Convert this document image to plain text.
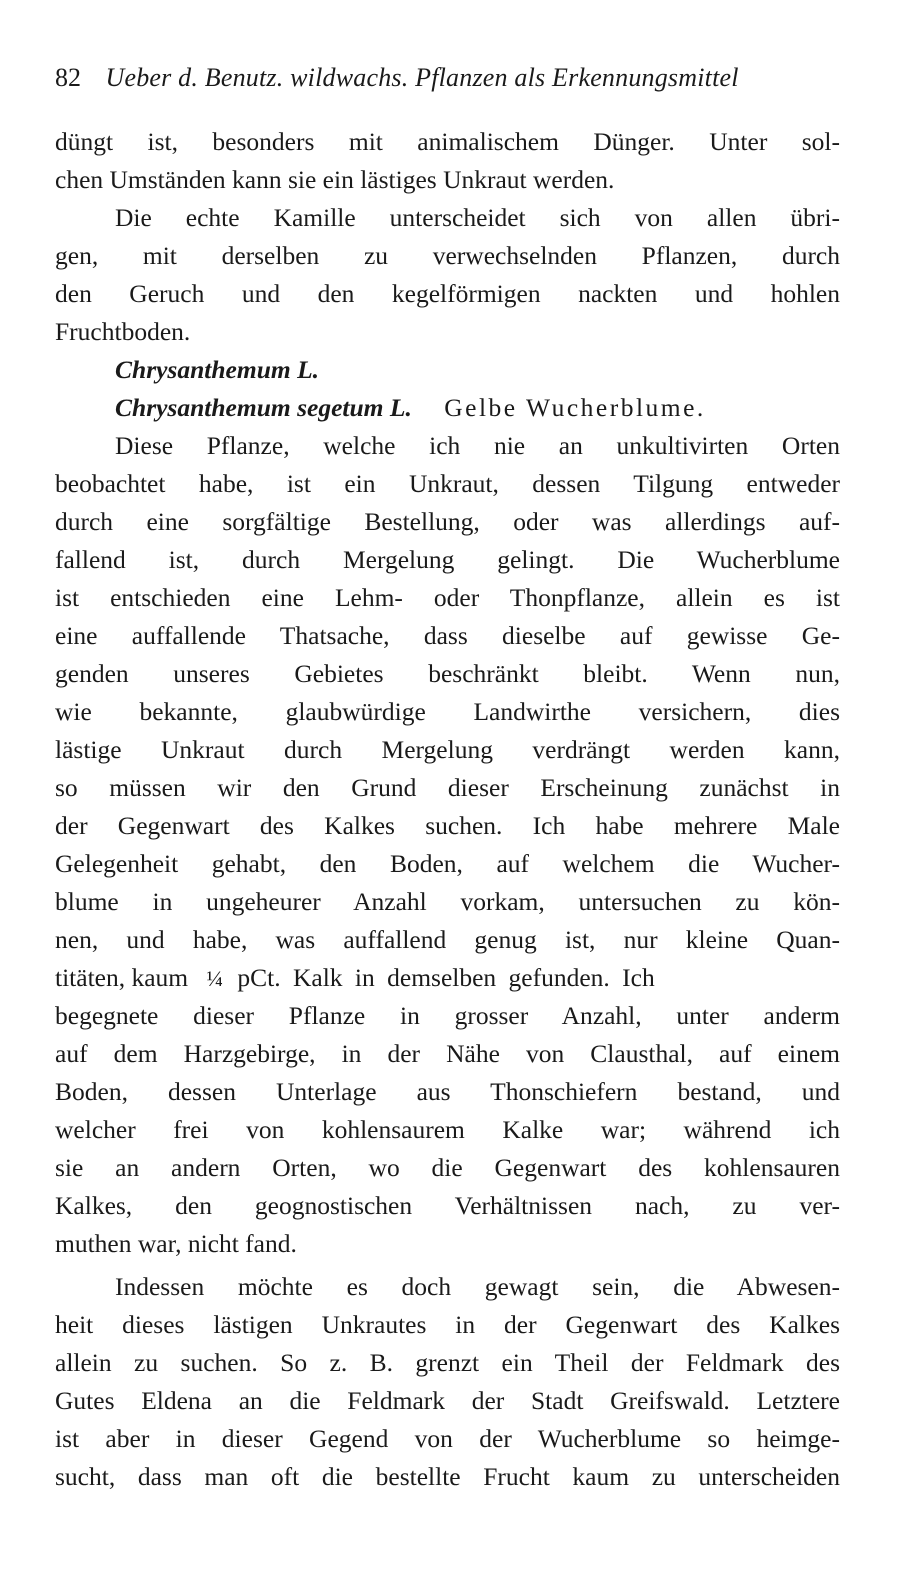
82 Ueber d. Benutz. wildwachs. Pflanzen als Erkennungsmittel
düngt ist, besonders mit animalischem Dünger. Unter sol-
chen Umständen kann sie ein lästiges Unkraut werden.
Die echte Kamille unterscheidet sich von allen übri-
gen, mit derselben zu verwechselnden Pflanzen, durch
den Geruch und den kegelförmigen nackten und hohlen
Fruchtboden.
Chrysanthemum L.
Chrysanthemum segetum L. Gelbe Wucherblume.
Diese Pflanze, welche ich nie an unkultivirten Orten
beobachtet habe, ist ein Unkraut, dessen Tilgung entweder
durch eine sorgfältige Bestellung, oder was allerdings auf-
fallend ist, durch Mergelung gelingt. Die Wucherblume
ist entschieden eine Lehm- oder Thonpflanze, allein es ist
eine auffallende Thatsache, dass dieselbe auf gewisse Ge-
genden unseres Gebietes beschränkt bleibt. Wenn nun,
wie bekannte, glaubwürdige Landwirthe versichern, dies
lästige Unkraut durch Mergelung verdrängt werden kann,
so müssen wir den Grund dieser Erscheinung zunächst in
der Gegenwart des Kalkes suchen. Ich habe mehrere Male
Gelegenheit gehabt, den Boden, auf welchem die Wucher-
blume in ungeheurer Anzahl vorkam, untersuchen zu kön-
nen, und habe, was auffallend genug ist, nur kleine Quan-
titäten, kaum ¼ pCt. Kalk in demselben gefunden. Ich
begegnete dieser Pflanze in grosser Anzahl, unter anderm
auf dem Harzgebirge, in der Nähe von Clausthal, auf einem
Boden, dessen Unterlage aus Thonschiefern bestand, und
welcher frei von kohlensaurem Kalke war; während ich
sie an andern Orten, wo die Gegenwart des kohlensauren
Kalkes, den geognostischen Verhältnissen nach, zu ver-
muthen war, nicht fand.
Indessen möchte es doch gewagt sein, die Abwesen-
heit dieses lästigen Unkrautes in der Gegenwart des Kalkes
allein zu suchen. So z. B. grenzt ein Theil der Feldmark des
Gutes Eldena an die Feldmark der Stadt Greifswald. Letztere
ist aber in dieser Gegend von der Wucherblume so heimge-
sucht, dass man oft die bestellte Frucht kaum zu unterscheiden
